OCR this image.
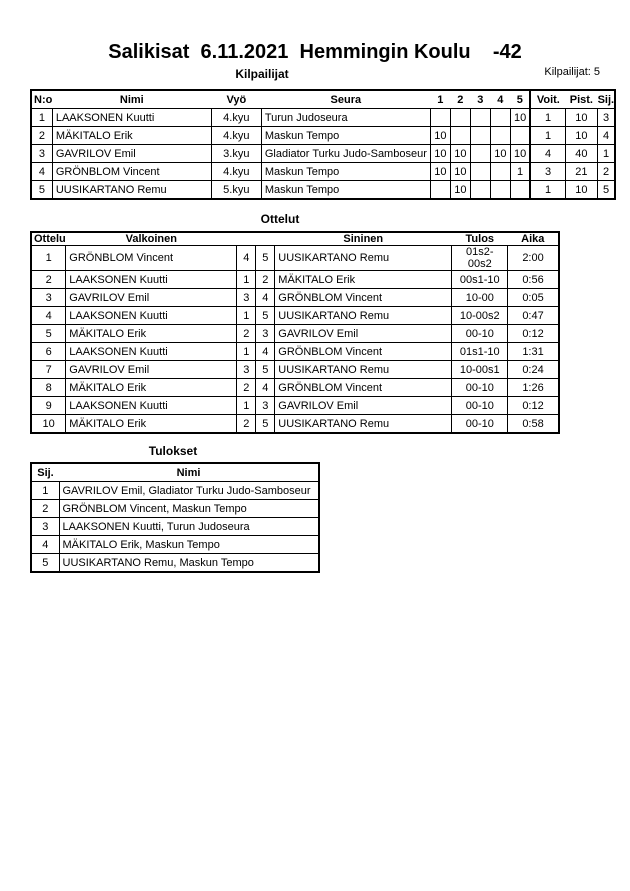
Salikisat  6.11.2021  Hemmingin Koulu    -42
Kilpailijat	Kilpailijat: 5
N:o	Nimi	Vyö	Seura	1	2	3	4	5	Voit.	Pist.	Sij.
1	LAAKSONEN Kuutti	4.kyu	Turun Judoseura					10	1	10	3
2	MÄKITALO Erik	4.kyu	Maskun Tempo	10					1	10	4
3	GAVRILOV Emil	3.kyu	Gladiator Turku Judo-Samboseur	10	10		10	10	4	40	1
4	GRÖNBLOM Vincent	4.kyu	Maskun Tempo	10	10			1	3	21	2
5	UUSIKARTANO Remu	5.kyu	Maskun Tempo		10				1	10	5
Ottelut
Ottelu	Valkoinen			Sininen	Tulos	Aika
1	GRÖNBLOM Vincent	4	5	UUSIKARTANO Remu	01s2-00s2	2:00
2	LAAKSONEN Kuutti	1	2	MÄKITALO Erik	00s1-10	0:56
3	GAVRILOV Emil	3	4	GRÖNBLOM Vincent	10-00	0:05
4	LAAKSONEN Kuutti	1	5	UUSIKARTANO Remu	10-00s2	0:47
5	MÄKITALO Erik	2	3	GAVRILOV Emil	00-10	0:12
6	LAAKSONEN Kuutti	1	4	GRÖNBLOM Vincent	01s1-10	1:31
7	GAVRILOV Emil	3	5	UUSIKARTANO Remu	10-00s1	0:24
8	MÄKITALO Erik	2	4	GRÖNBLOM Vincent	00-10	1:26
9	LAAKSONEN Kuutti	1	3	GAVRILOV Emil	00-10	0:12
10	MÄKITALO Erik	2	5	UUSIKARTANO Remu	00-10	0:58
Tulokset
Sij.	Nimi
1	GAVRILOV Emil, Gladiator Turku Judo-Samboseur
2	GRÖNBLOM Vincent, Maskun Tempo
3	LAAKSONEN Kuutti, Turun Judoseura
4	MÄKITALO Erik, Maskun Tempo
5	UUSIKARTANO Remu, Maskun Tempo
